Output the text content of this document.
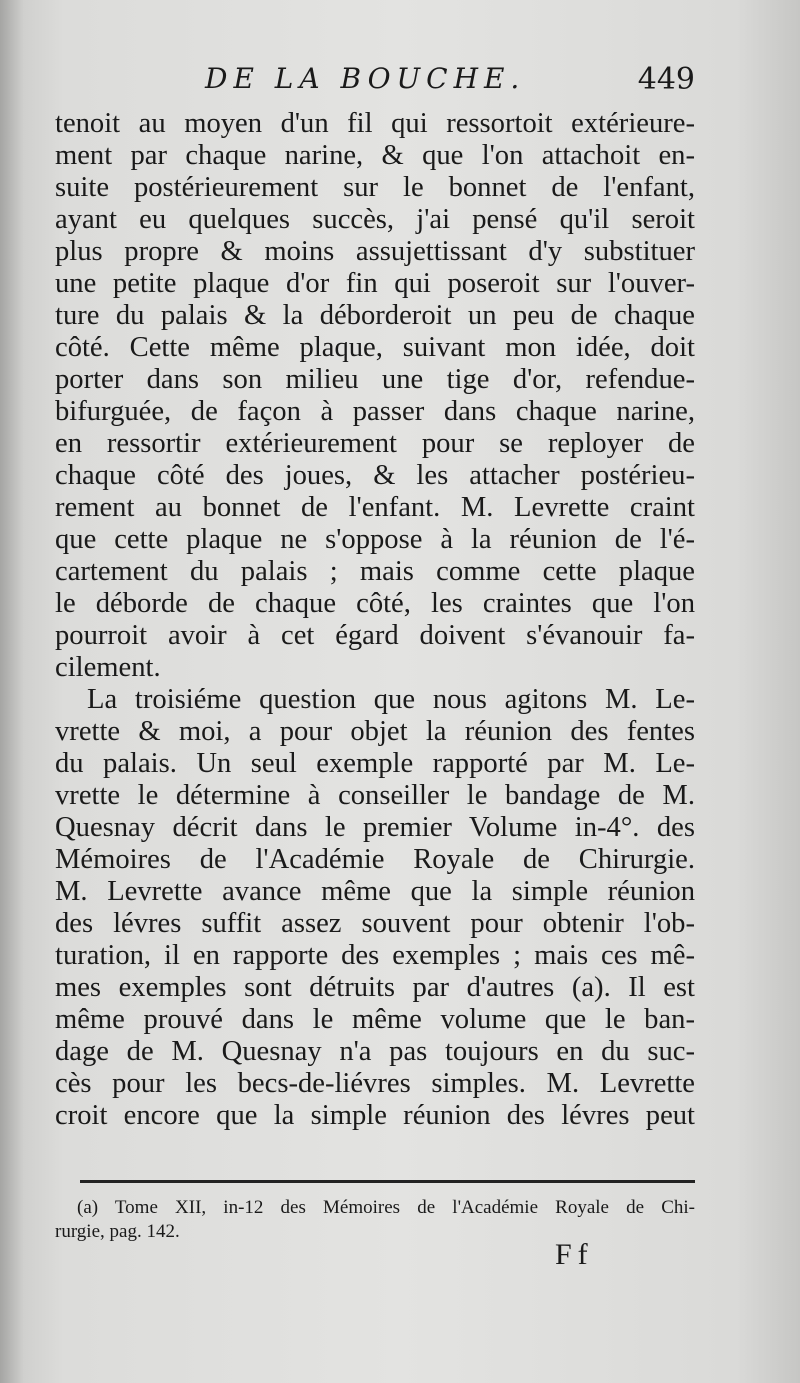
DE LA BOUCHE.	449
tenoit au moyen d'un fil qui ressortoit extérieure-
ment par chaque narine, & que l'on attachoit en-
suite postérieurement sur le bonnet de l'enfant,
ayant eu quelques succès, j'ai pensé qu'il seroit
plus propre & moins assujettissant d'y substituer
une petite plaque d'or fin qui poseroit sur l'ouver-
ture du palais & la déborderoit un peu de chaque
côté. Cette même plaque, suivant mon idée, doit
porter dans son milieu une tige d'or, refendue-
bifurguée, de façon à passer dans chaque narine,
en ressortir extérieurement pour se reployer de
chaque côté des joues, & les attacher postérieu-
rement au bonnet de l'enfant. M. Levrette craint
que cette plaque ne s'oppose à la réunion de l'é-
cartement du palais ; mais comme cette plaque
le déborde de chaque côté, les craintes que l'on
pourroit avoir à cet égard doivent s'évanouir fa-
cilement.
La troisiéme question que nous agitons M. Le-
vrette & moi, a pour objet la réunion des fentes
du palais. Un seul exemple rapporté par M. Le-
vrette le détermine à conseiller le bandage de M.
Quesnay décrit dans le premier Volume in-4°. des
Mémoires de l'Académie Royale de Chirurgie.
M. Levrette avance même que la simple réunion
des lévres suffit assez souvent pour obtenir l'ob-
turation, il en rapporte des exemples ; mais ces mê-
mes exemples sont détruits par d'autres (a). Il est
même prouvé dans le même volume que le ban-
dage de M. Quesnay n'a pas toujours en du suc-
cès pour les becs-de-liévres simples. M. Levrette
croit encore que la simple réunion des lévres peut
(a) Tome XII, in-12 des Mémoires de l'Académie Royale de Chi-
rurgie, pag. 142.
Ff
